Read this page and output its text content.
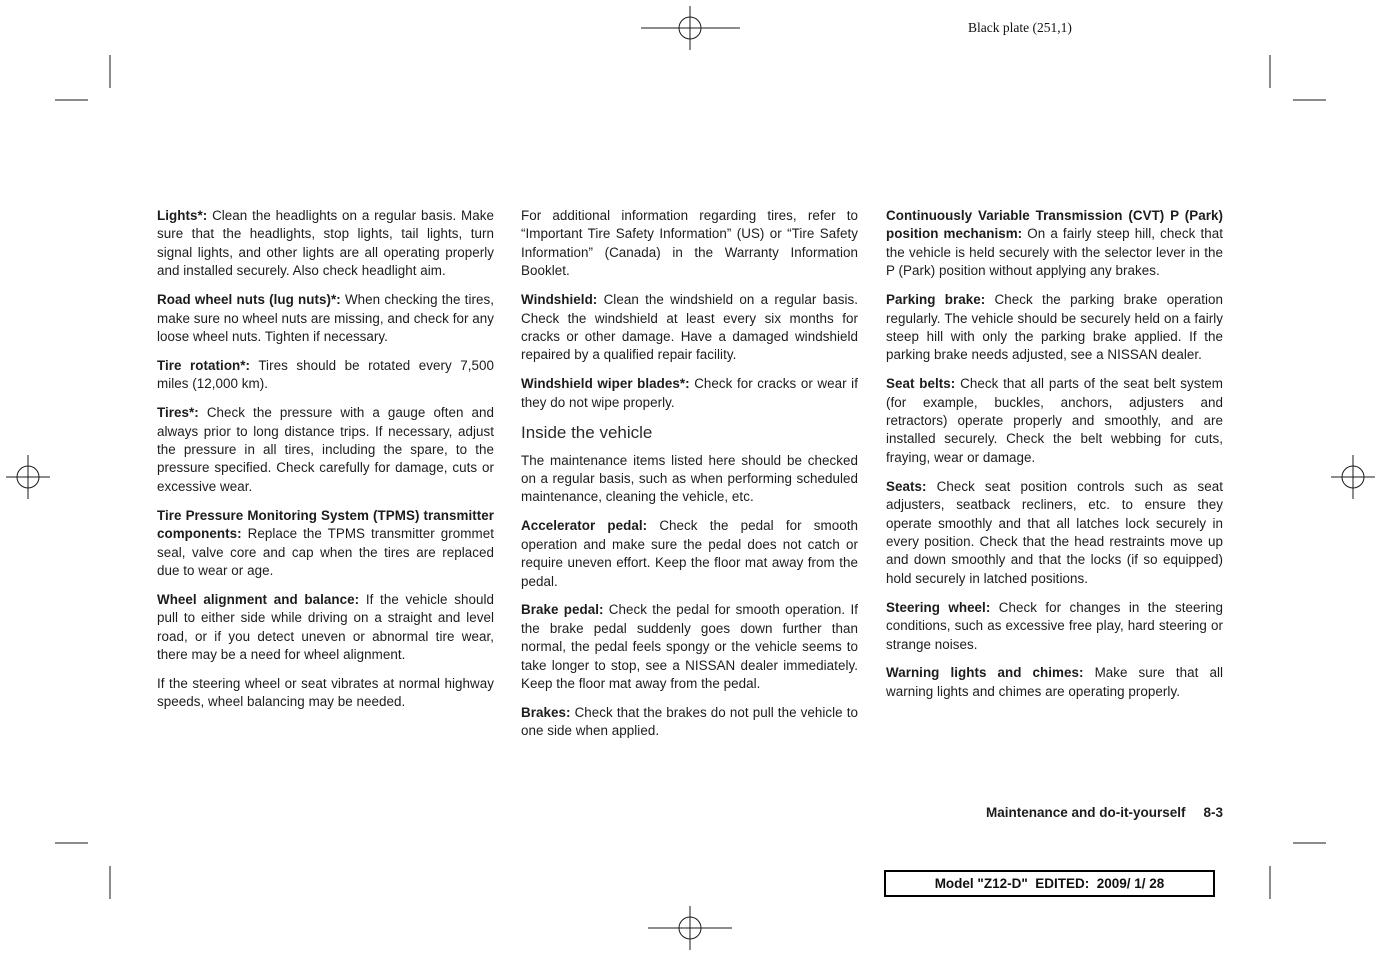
Black plate (251,1)

Lights*: Clean the headlights on a regular basis. Make sure that the headlights, stop lights, tail lights, turn signal lights, and other lights are all operating properly and installed securely. Also check headlight aim.

Road wheel nuts (lug nuts)*: When checking the tires, make sure no wheel nuts are missing, and check for any loose wheel nuts. Tighten if necessary.

Tire rotation*: Tires should be rotated every 7,500 miles (12,000 km).

Tires*: Check the pressure with a gauge often and always prior to long distance trips. If necessary, adjust the pressure in all tires, including the spare, to the pressure specified. Check carefully for damage, cuts or excessive wear.

Tire Pressure Monitoring System (TPMS) transmitter components: Replace the TPMS transmitter grommet seal, valve core and cap when the tires are replaced due to wear or age.

Wheel alignment and balance: If the vehicle should pull to either side while driving on a straight and level road, or if you detect uneven or abnormal tire wear, there may be a need for wheel alignment.

If the steering wheel or seat vibrates at normal highway speeds, wheel balancing may be needed.

For additional information regarding tires, refer to “Important Tire Safety Information” (US) or “Tire Safety Information” (Canada) in the Warranty Information Booklet.

Windshield: Clean the windshield on a regular basis. Check the windshield at least every six months for cracks or other damage. Have a damaged windshield repaired by a qualified repair facility.

Windshield wiper blades*: Check for cracks or wear if they do not wipe properly.

Inside the vehicle

The maintenance items listed here should be checked on a regular basis, such as when performing scheduled maintenance, cleaning the vehicle, etc.

Accelerator pedal: Check the pedal for smooth operation and make sure the pedal does not catch or require uneven effort. Keep the floor mat away from the pedal.

Brake pedal: Check the pedal for smooth operation. If the brake pedal suddenly goes down further than normal, the pedal feels spongy or the vehicle seems to take longer to stop, see a NISSAN dealer immediately. Keep the floor mat away from the pedal.

Brakes: Check that the brakes do not pull the vehicle to one side when applied.

Continuously Variable Transmission (CVT) P (Park) position mechanism: On a fairly steep hill, check that the vehicle is held securely with the selector lever in the P (Park) position without applying any brakes.

Parking brake: Check the parking brake operation regularly. The vehicle should be securely held on a fairly steep hill with only the parking brake applied. If the parking brake needs adjusted, see a NISSAN dealer.

Seat belts: Check that all parts of the seat belt system (for example, buckles, anchors, adjusters and retractors) operate properly and smoothly, and are installed securely. Check the belt webbing for cuts, fraying, wear or damage.

Seats: Check seat position controls such as seat adjusters, seatback recliners, etc. to ensure they operate smoothly and that all latches lock securely in every position. Check that the head restraints move up and down smoothly and that the locks (if so equipped) hold securely in latched positions.

Steering wheel: Check for changes in the steering conditions, such as excessive free play, hard steering or strange noises.

Warning lights and chimes: Make sure that all warning lights and chimes are operating properly.

Maintenance and do-it-yourself 8-3
Model "Z12-D"  EDITED:  2009/ 1/ 28
